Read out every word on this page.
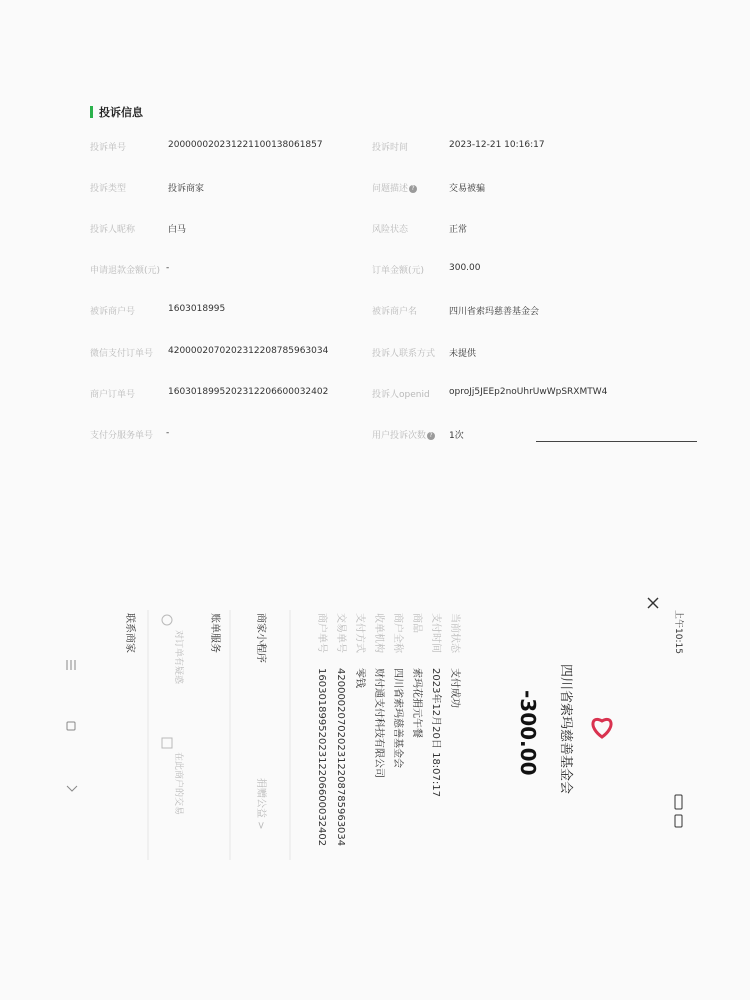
投诉信息
投诉单号	200000020231221100138061857	投诉时间	2023-12-21 10:16:17
投诉类型	投诉商家	问题描述 ?	交易被骗
投诉人昵称	白马	风险状态	正常
申请退款金额(元) -	订单金额(元)	300.00
被诉商户号	1603018995	被诉商户名	四川省索玛慈善基金会
微信支付订单号 4200002070202312208785963034	投诉人联系方式 未提供
商户订单号	160301899520231220660003240​2	投诉人openid oproJj5JEEp2noUhrUwWpSRXMTW4
支付分服务单号 -	用户投诉次数 ? 1次
上午10:15
四川省索玛慈善基金会
-300.00
当前状态
支付成功
支付时间
2023年12月20日 18:07:17
商品
索玛花捐元午餐
商户全称
四川省索玛慈善基金会
收单机构
财付通支付科技有限公司
支付方式
零钱
交易单号
4200002070202312208785963034
商户单号
1603018995202312206600032402
商家小程序
捐赠公益 >
账单服务
对订单有疑惑
在此商户的交易
联系商家
